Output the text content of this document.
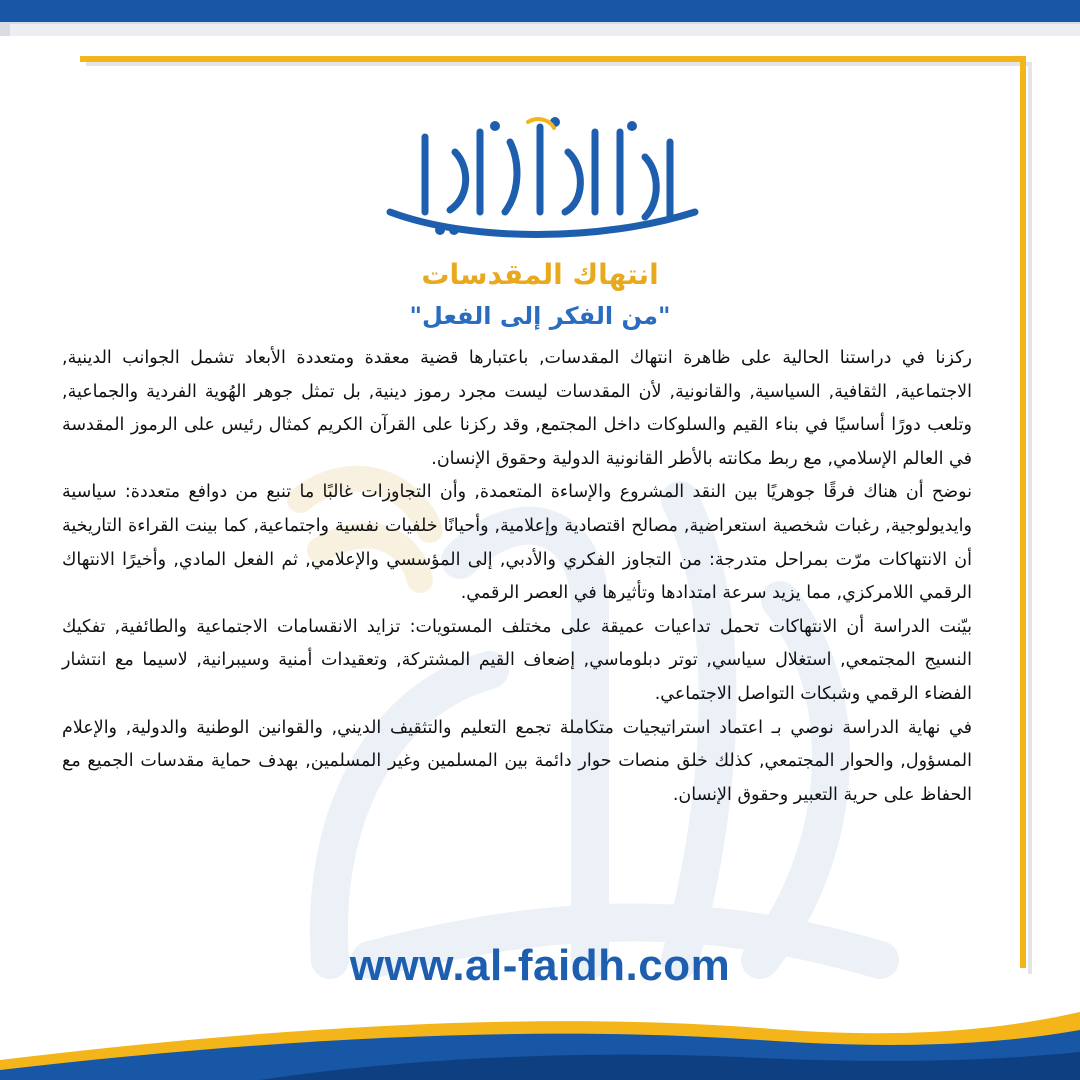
انتهاك المقدسات
"من الفكر إلى الفعل"

ركزنا في دراستنا الحالية على ظاهرة انتهاك المقدسات, باعتبارها قضية معقدة ومتعددة الأبعاد تشمل الجوانب الدينية, الاجتماعية, الثقافية, السياسية, والقانونية, لأن المقدسات ليست مجرد رموز دينية, بل تمثل جوهر الهُوية الفردية والجماعية, وتلعب دورًا أساسيًا في بناء القيم والسلوكات داخل المجتمع, وقد ركزنا على القرآن الكريم كمثال رئيس على الرموز المقدسة في العالم الإسلامي, مع ربط مكانته بالأطر القانونية الدولية وحقوق الإنسان.

نوضح أن هناك فرقًا جوهريًا بين النقد المشروع والإساءة المتعمدة, وأن التجاوزات غالبًا ما تنبع من دوافع متعددة: سياسية وايديولوجية, رغبات شخصية استعراضية, مصالح اقتصادية وإعلامية, وأحيانًا خلفيات نفسية واجتماعية, كما بينت القراءة التاريخية أن الانتهاكات مرّت بمراحل متدرجة: من التجاوز الفكري والأدبي, إلى المؤسسي والإعلامي, ثم الفعل المادي, وأخيرًا الانتهاك الرقمي اللامركزي, مما يزيد سرعة امتدادها وتأثيرها في العصر الرقمي.

بيّنت الدراسة أن الانتهاكات تحمل تداعيات عميقة على مختلف المستويات: تزايد الانقسامات الاجتماعية والطائفية, تفكيك النسيج المجتمعي, استغلال سياسي, توتر دبلوماسي, إضعاف القيم المشتركة, وتعقيدات أمنية وسيبرانية, لاسيما مع انتشار الفضاء الرقمي وشبكات التواصل الاجتماعي.

في نهاية الدراسة نوصي بـ اعتماد استراتيجيات متكاملة تجمع التعليم والتثقيف الديني, والقوانين الوطنية والدولية, والإعلام المسؤول, والحوار المجتمعي, كذلك خلق منصات حوار دائمة بين المسلمين وغير المسلمين, بهدف حماية مقدسات الجميع مع الحفاظ على حرية التعبير وحقوق الإنسان.

www.al-faidh.com
